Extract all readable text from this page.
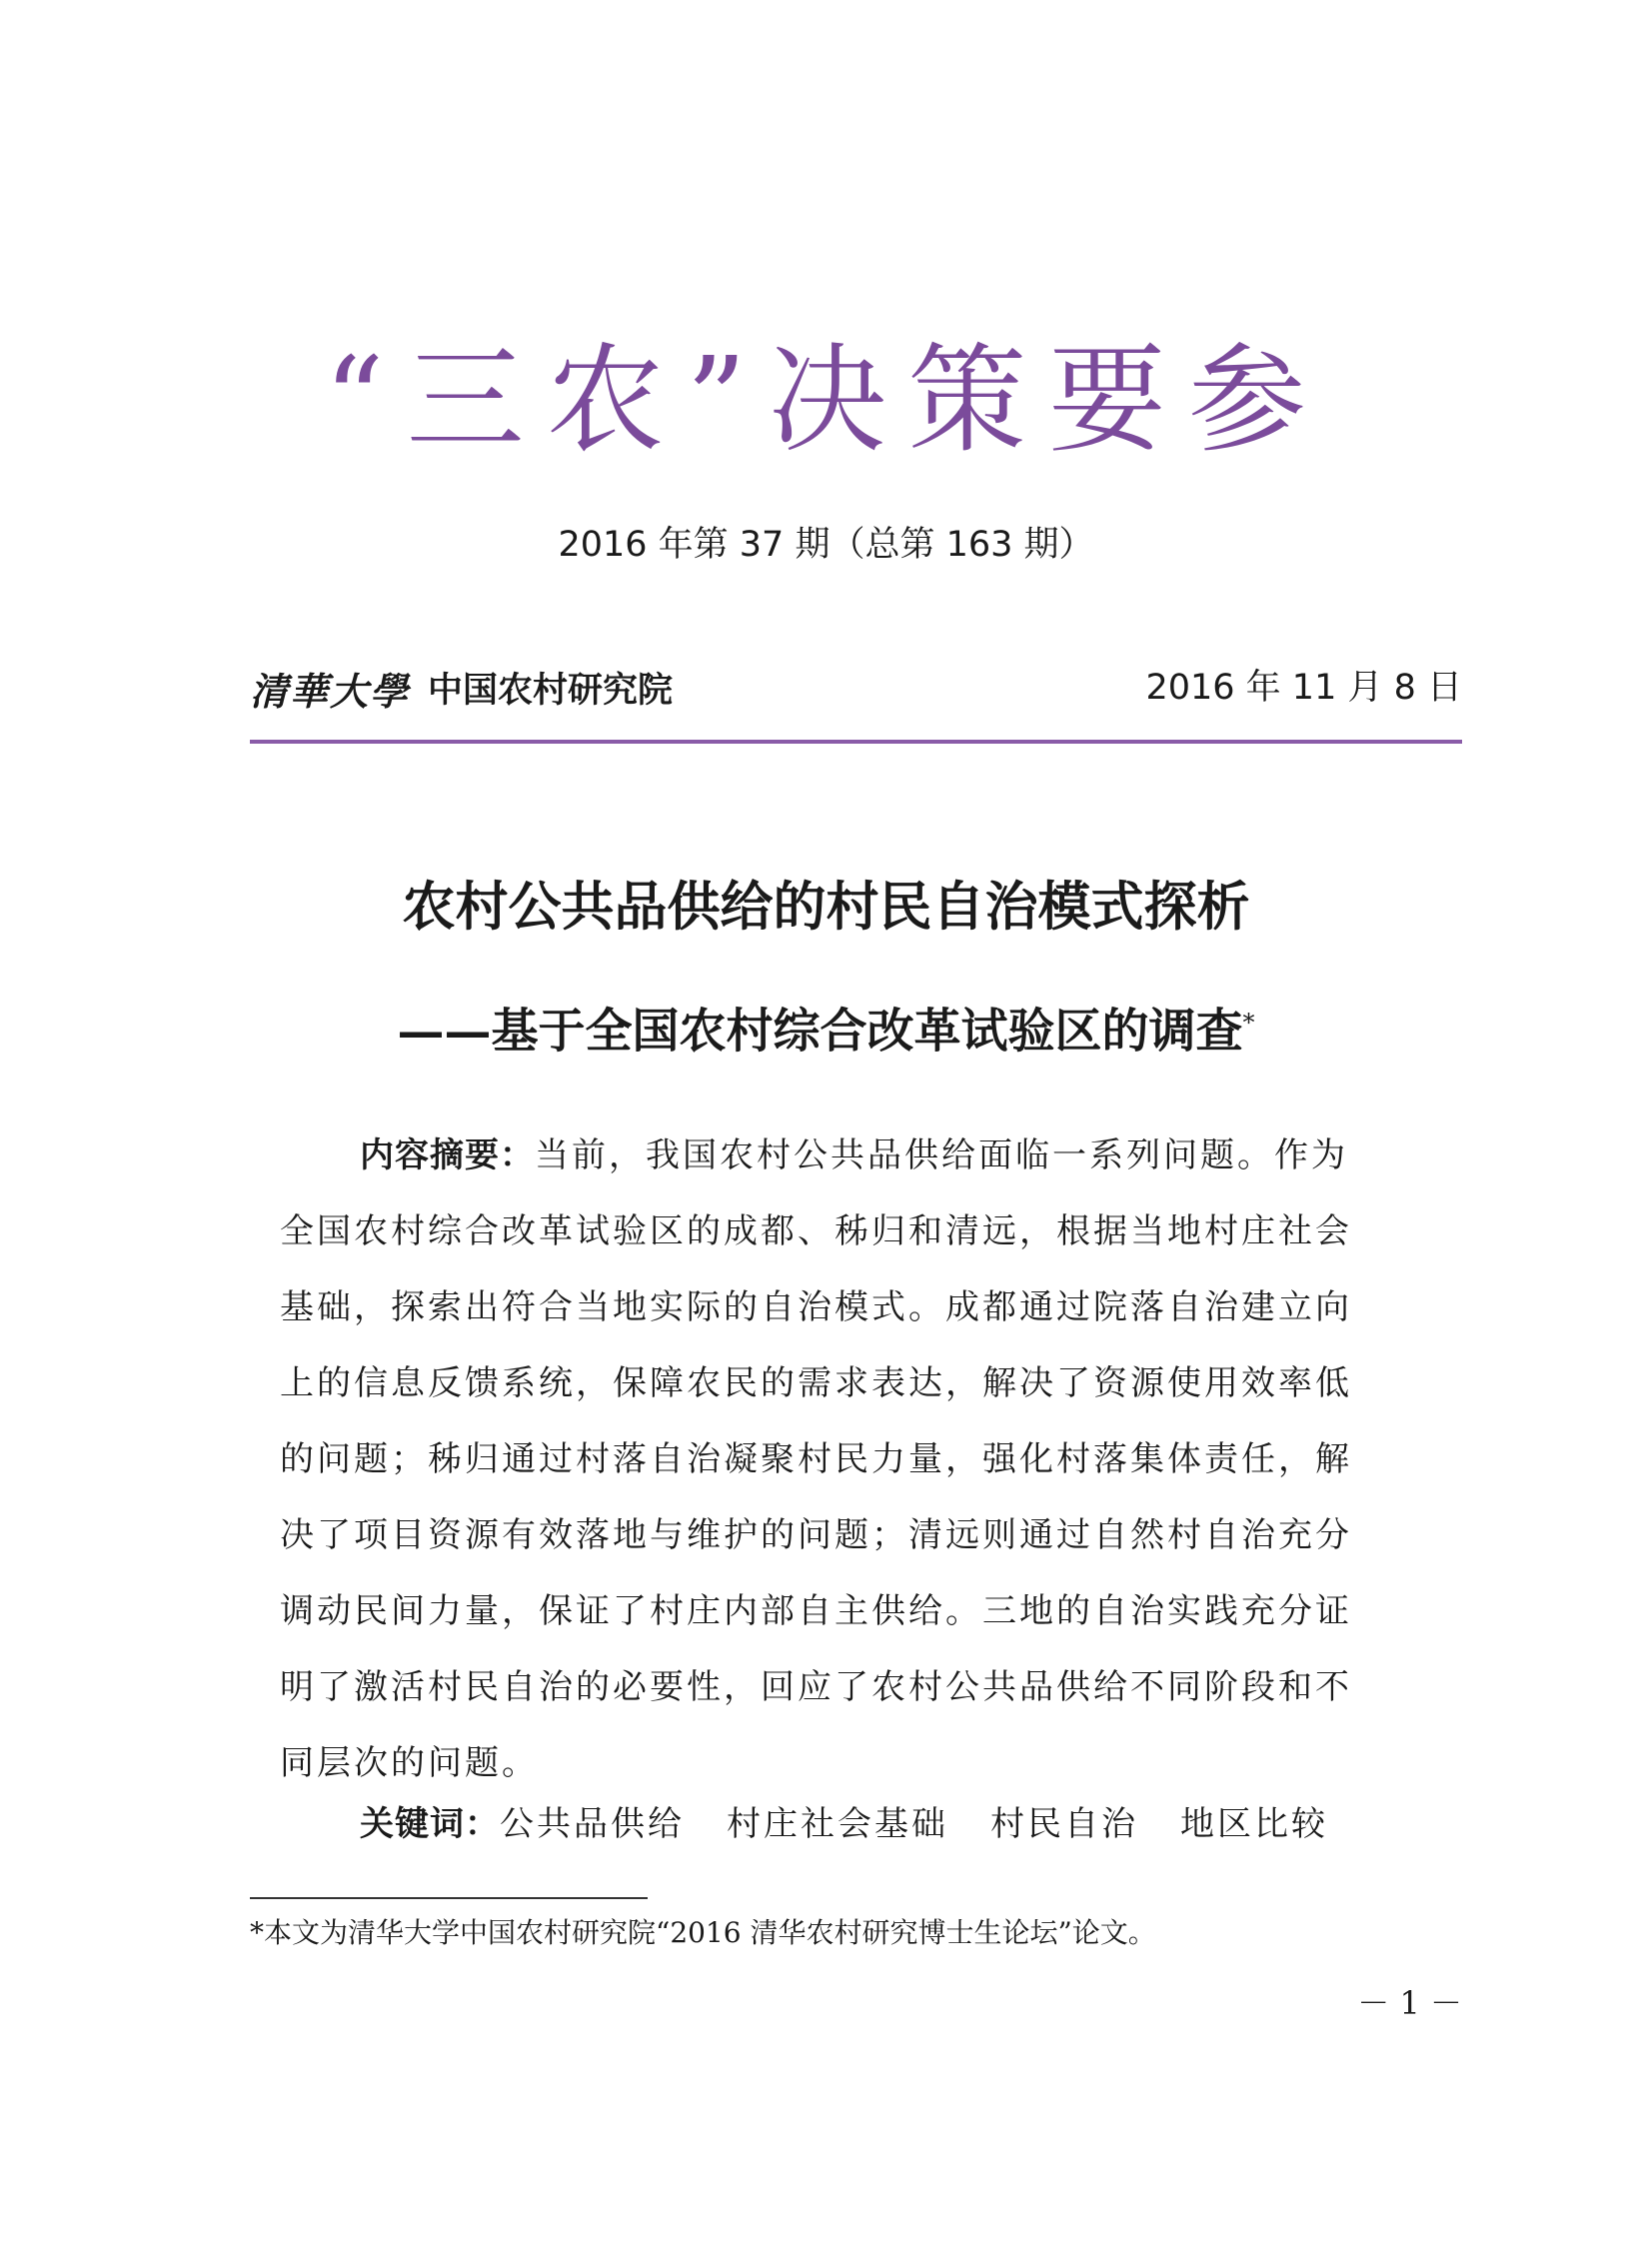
“三农”决策要参
2016 年第 37 期（总第 163 期）
清華大學 中国农村研究院	2016 年 11 月 8 日
农村公共品供给的村民自治模式探析
——基于全国农村综合改革试验区的调查*
内容摘要：当前，我国农村公共品供给面临一系列问题。作为
全国农村综合改革试验区的成都、秭归和清远，根据当地村庄社会
基础，探索出符合当地实际的自治模式。成都通过院落自治建立向
上的信息反馈系统，保障农民的需求表达，解决了资源使用效率低
的问题；秭归通过村落自治凝聚村民力量，强化村落集体责任，解
决了项目资源有效落地与维护的问题；清远则通过自然村自治充分
调动民间力量，保证了村庄内部自主供给。三地的自治实践充分证
明了激活村民自治的必要性，回应了农村公共品供给不同阶段和不
同层次的问题。
关键词：公共品供给 村庄社会基础 村民自治 地区比较
*本文为清华大学中国农村研究院“2016 清华农村研究博士生论坛”论文。
－ 1 －
